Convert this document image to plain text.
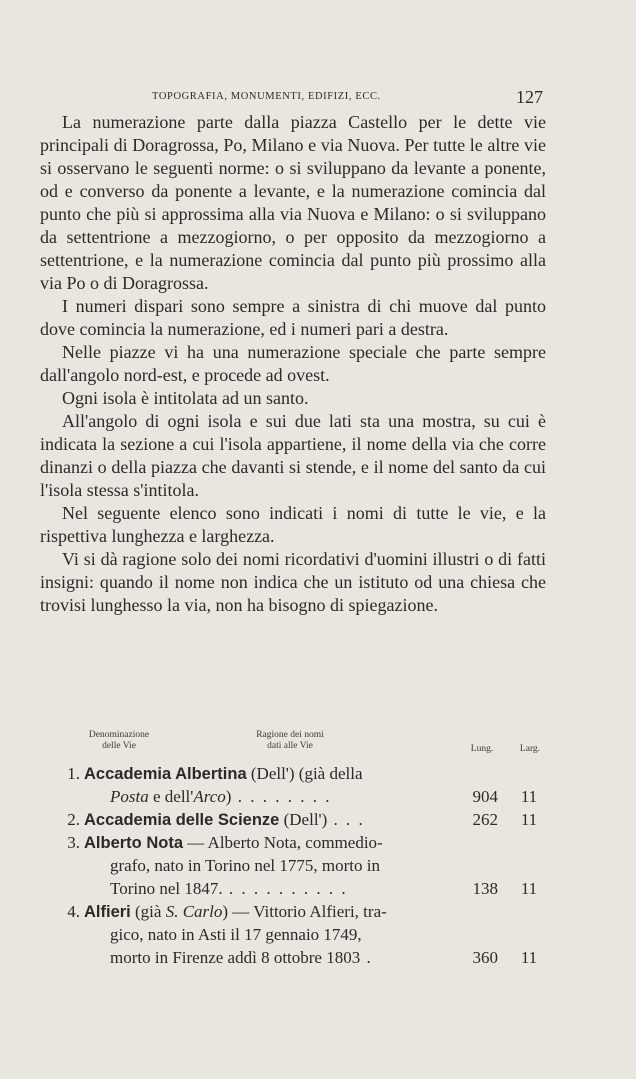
TOPOGRAFIA, MONUMENTI, EDIFIZI, ECC.	127

La numerazione parte dalla piazza Castello per le dette vie principali di Doragrossa, Po, Milano e via Nuova. Per tutte le altre vie si osservano le seguenti norme: o si sviluppano da levante a ponente, od e converso da ponente a levante, e la numerazione comincia dal punto che più si approssima alla via Nuova e Milano: o si sviluppano da settentrione a mezzogiorno, o per opposito da mezzogiorno a settentrione, e la numerazione comincia dal punto più prossimo alla via Po o di Doragrossa.

I numeri dispari sono sempre a sinistra di chi muove dal punto dove comincia la numerazione, ed i numeri pari a destra.

Nelle piazze vi ha una numerazione speciale che parte sempre dall'angolo nord-est, e procede ad ovest.

Ogni isola è intitolata ad un santo.

All'angolo di ogni isola e sui due lati sta una mostra, su cui è indicata la sezione a cui l'isola appartiene, il nome della via che corre dinanzi o della piazza che davanti si stende, e il nome del santo da cui l'isola stessa s'intitola.

Nel seguente elenco sono indicati i nomi di tutte le vie, e la rispettiva lunghezza e larghezza.

Vi si dà ragione solo dei nomi ricordativi d'uomini illustri o di fatti insigni: quando il nome non indica che un istituto od una chiesa che trovisi lunghesso la via, non ha bisogno di spiegazione.

Denominazione
delle Vie
Ragione dei nomi
dati alle Vie	Lung.	Larg.
1. Accademia Albertina (Dell') (già della
Posta e dell'Arco) . . . . . . . .	904	11
2. Accademia delle Scienze (Dell') . . .	262	11
3. Alberto Nota — Alberto Nota, commedio-
grafo, nato in Torino nel 1775, morto in
Torino nel 1847. . . . . . . . . . .	138	11
4. Alfieri (già S. Carlo) — Vittorio Alfieri, tra-
gico, nato in Asti il 17 gennaio 1749,
morto in Firenze addì 8 ottobre 1803 .	360	11
